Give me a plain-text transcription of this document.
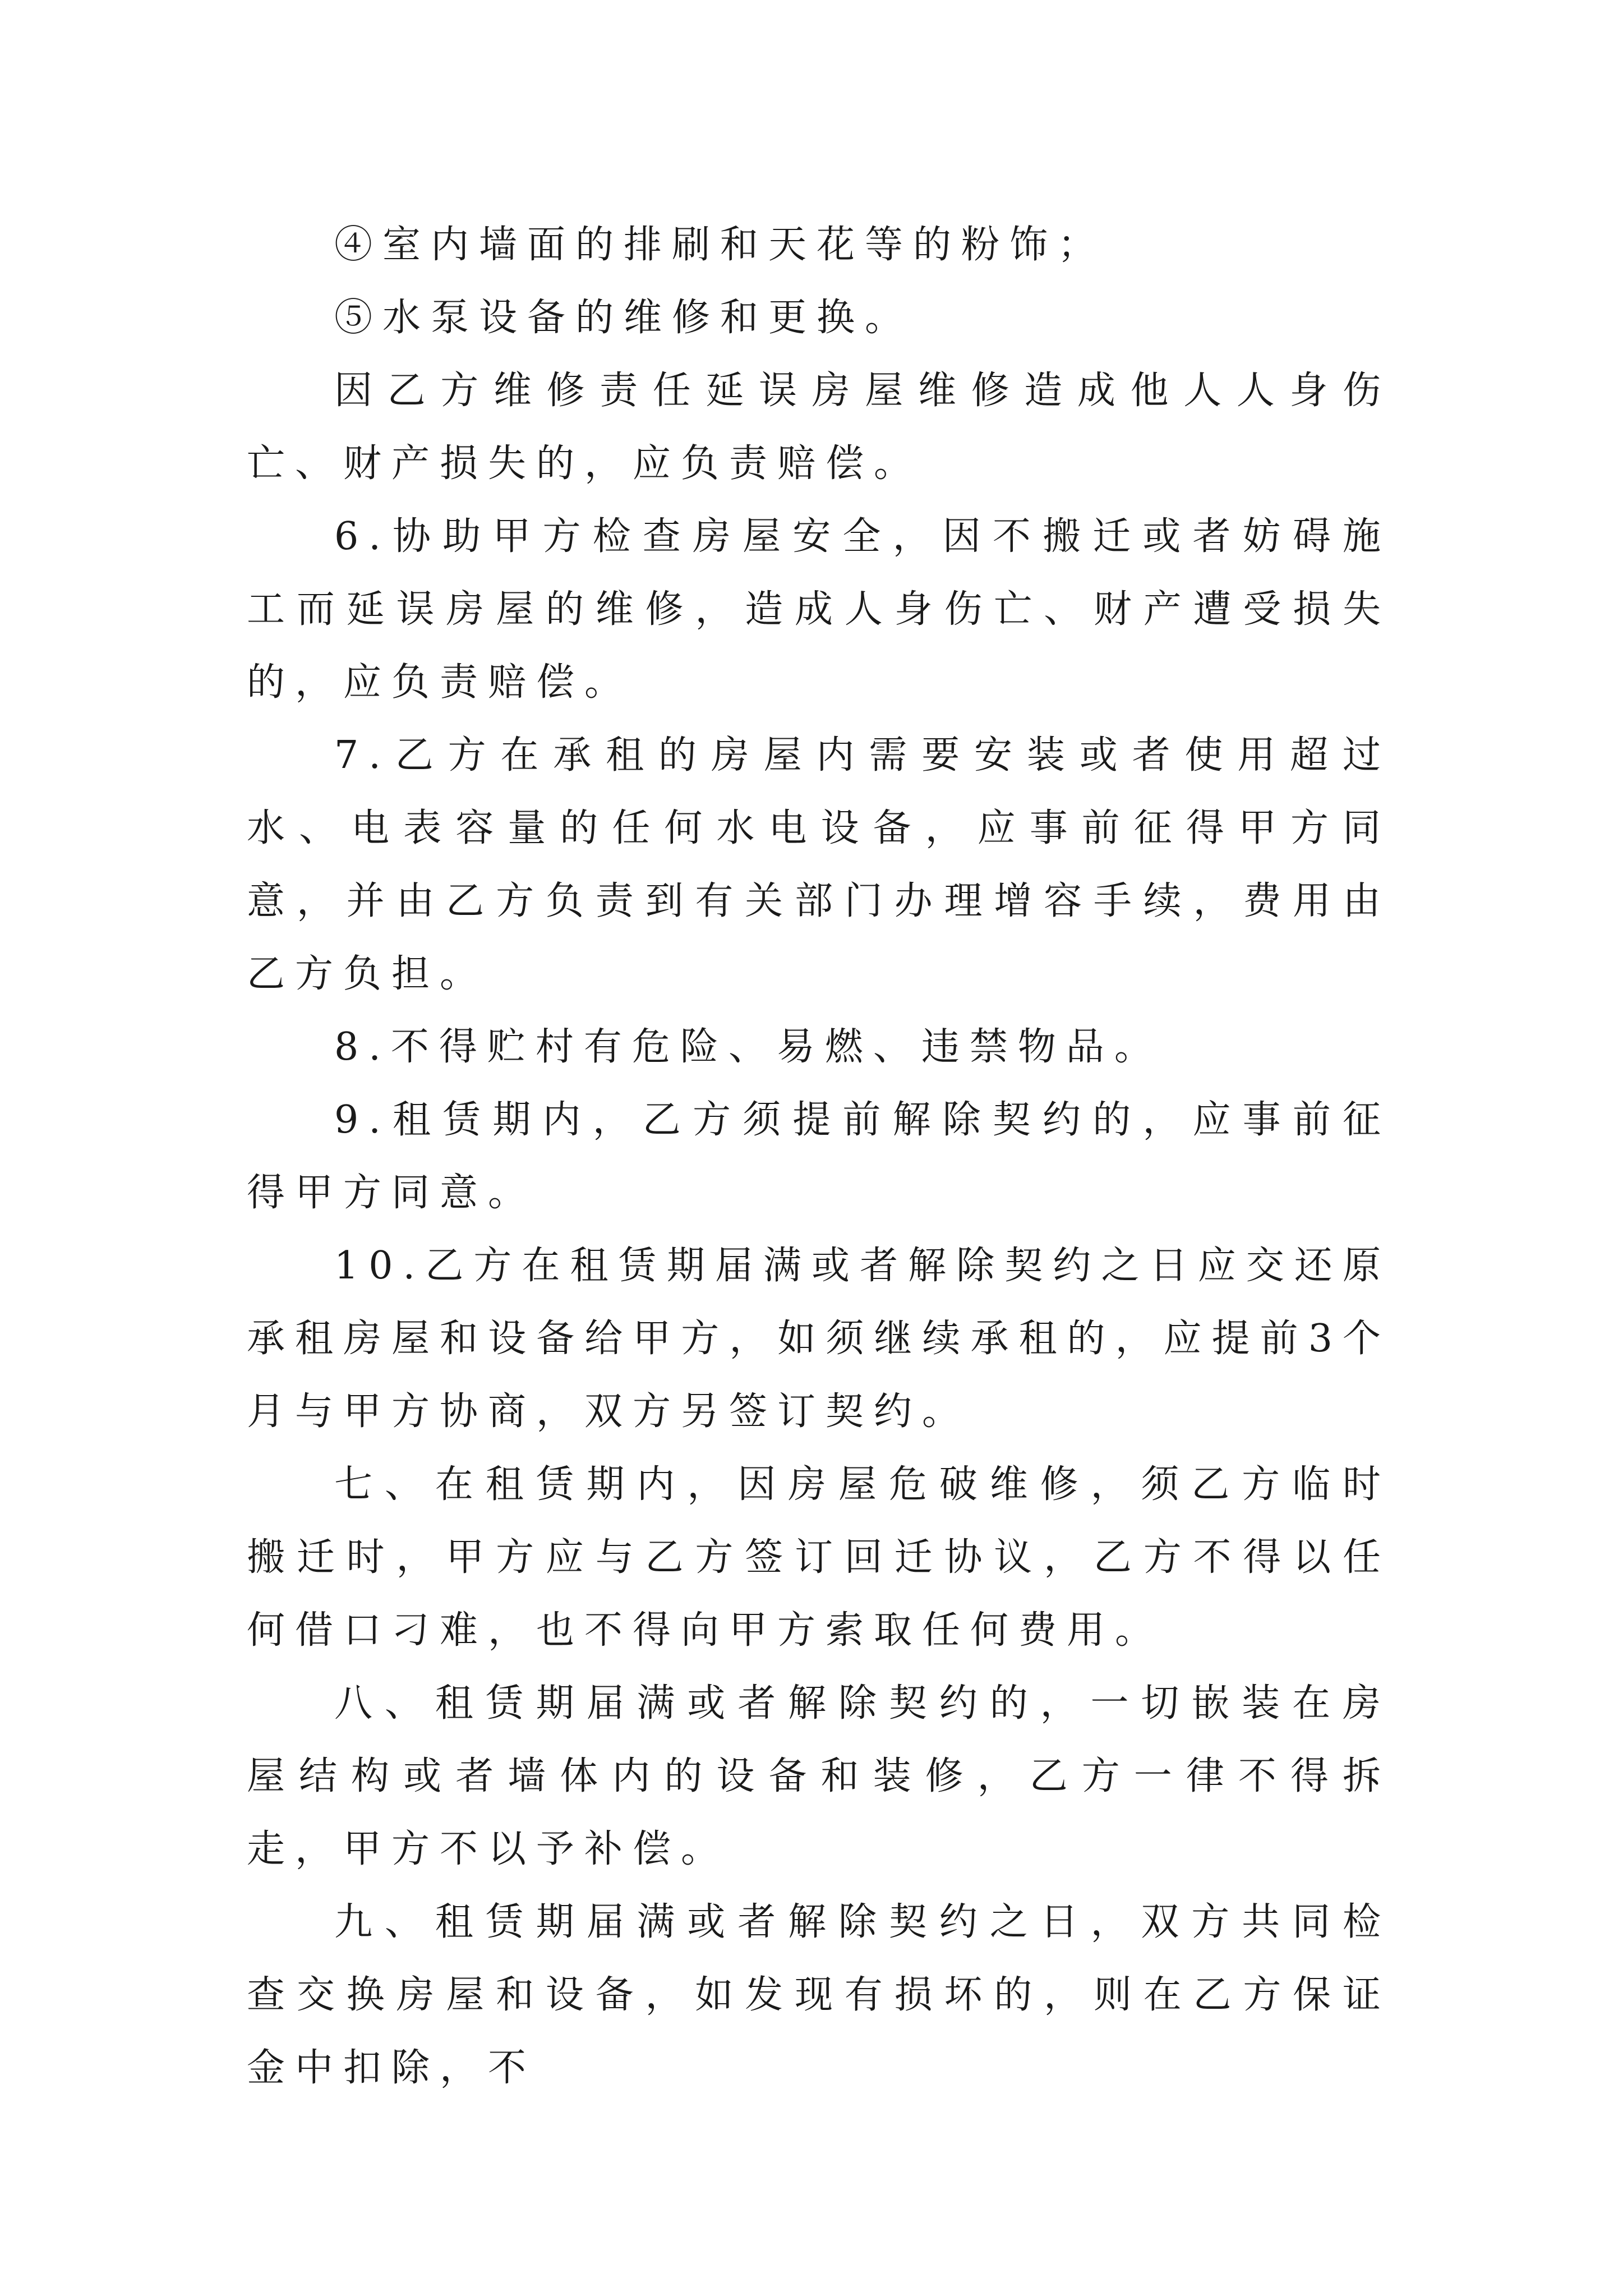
④室内墙面的排刷和天花等的粉饰；

⑤水泵设备的维修和更换。

因乙方维修责任延误房屋维修造成他人人身伤亡、财产损失的，应负责赔偿。

6.协助甲方检查房屋安全，因不搬迁或者妨碍施工而延误房屋的维修，造成人身伤亡、财产遭受损失的，应负责赔偿。

7.乙方在承租的房屋内需要安装或者使用超过水、电表容量的任何水电设备，应事前征得甲方同意，并由乙方负责到有关部门办理增容手续，费用由乙方负担。

8.不得贮村有危险、易燃、违禁物品。

9.租赁期内，乙方须提前解除契约的，应事前征得甲方同意。

10.乙方在租赁期届满或者解除契约之日应交还原承租房屋和设备给甲方，如须继续承租的，应提前3个月与甲方协商，双方另签订契约。

七、在租赁期内，因房屋危破维修，须乙方临时搬迁时，甲方应与乙方签订回迁协议，乙方不得以任何借口刁难，也不得向甲方索取任何费用。

八、租赁期届满或者解除契约的，一切嵌装在房屋结构或者墙体内的设备和装修，乙方一律不得拆走，甲方不以予补偿。

九、租赁期届满或者解除契约之日，双方共同检查交换房屋和设备，如发现有损坏的，则在乙方保证金中扣除，不
